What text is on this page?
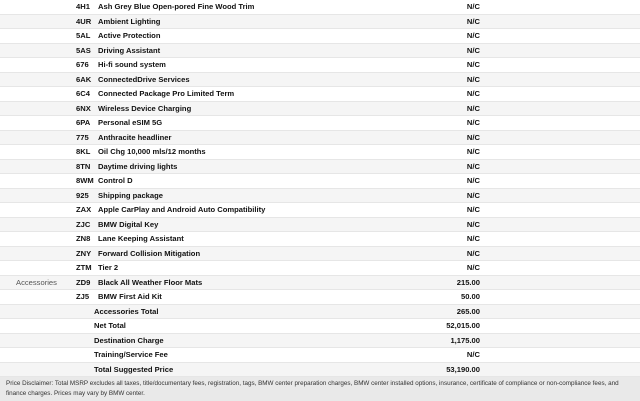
4H1 Ash Grey Blue Open-pored Fine Wood Trim	N/C
4UR Ambient Lighting	N/C
5AL Active Protection	N/C
5AS Driving Assistant	N/C
676 Hi-fi sound system	N/C
6AK ConnectedDrive Services	N/C
6C4 Connected Package Pro Limited Term	N/C
6NX Wireless Device Charging	N/C
6PA Personal eSIM 5G	N/C
775 Anthracite headliner	N/C
8KL Oil Chg 10,000 mls/12 months	N/C
8TN Daytime driving lights	N/C
8WM Control D	N/C
925 Shipping package	N/C
ZAX Apple CarPlay and Android Auto Compatibility	N/C
ZJC BMW Digital Key	N/C
ZN8 Lane Keeping Assistant	N/C
ZNY Forward Collision Mitigation	N/C
ZTM Tier 2	N/C
Accessories	ZD9 Black All Weather Floor Mats	215.00
ZJ5 BMW First Aid Kit	50.00
Accessories Total	265.00
Net Total	52,015.00
Destination Charge	1,175.00
Training/Service Fee	N/C
Total Suggested Price	53,190.00
Price Disclaimer: Total MSRP excludes all taxes, title/documentary fees, registration, tags, BMW center preparation charges, BMW center installed options, insurance, certificate of compliance or non-compliance fees, and finance charges. Prices may vary by BMW center.
